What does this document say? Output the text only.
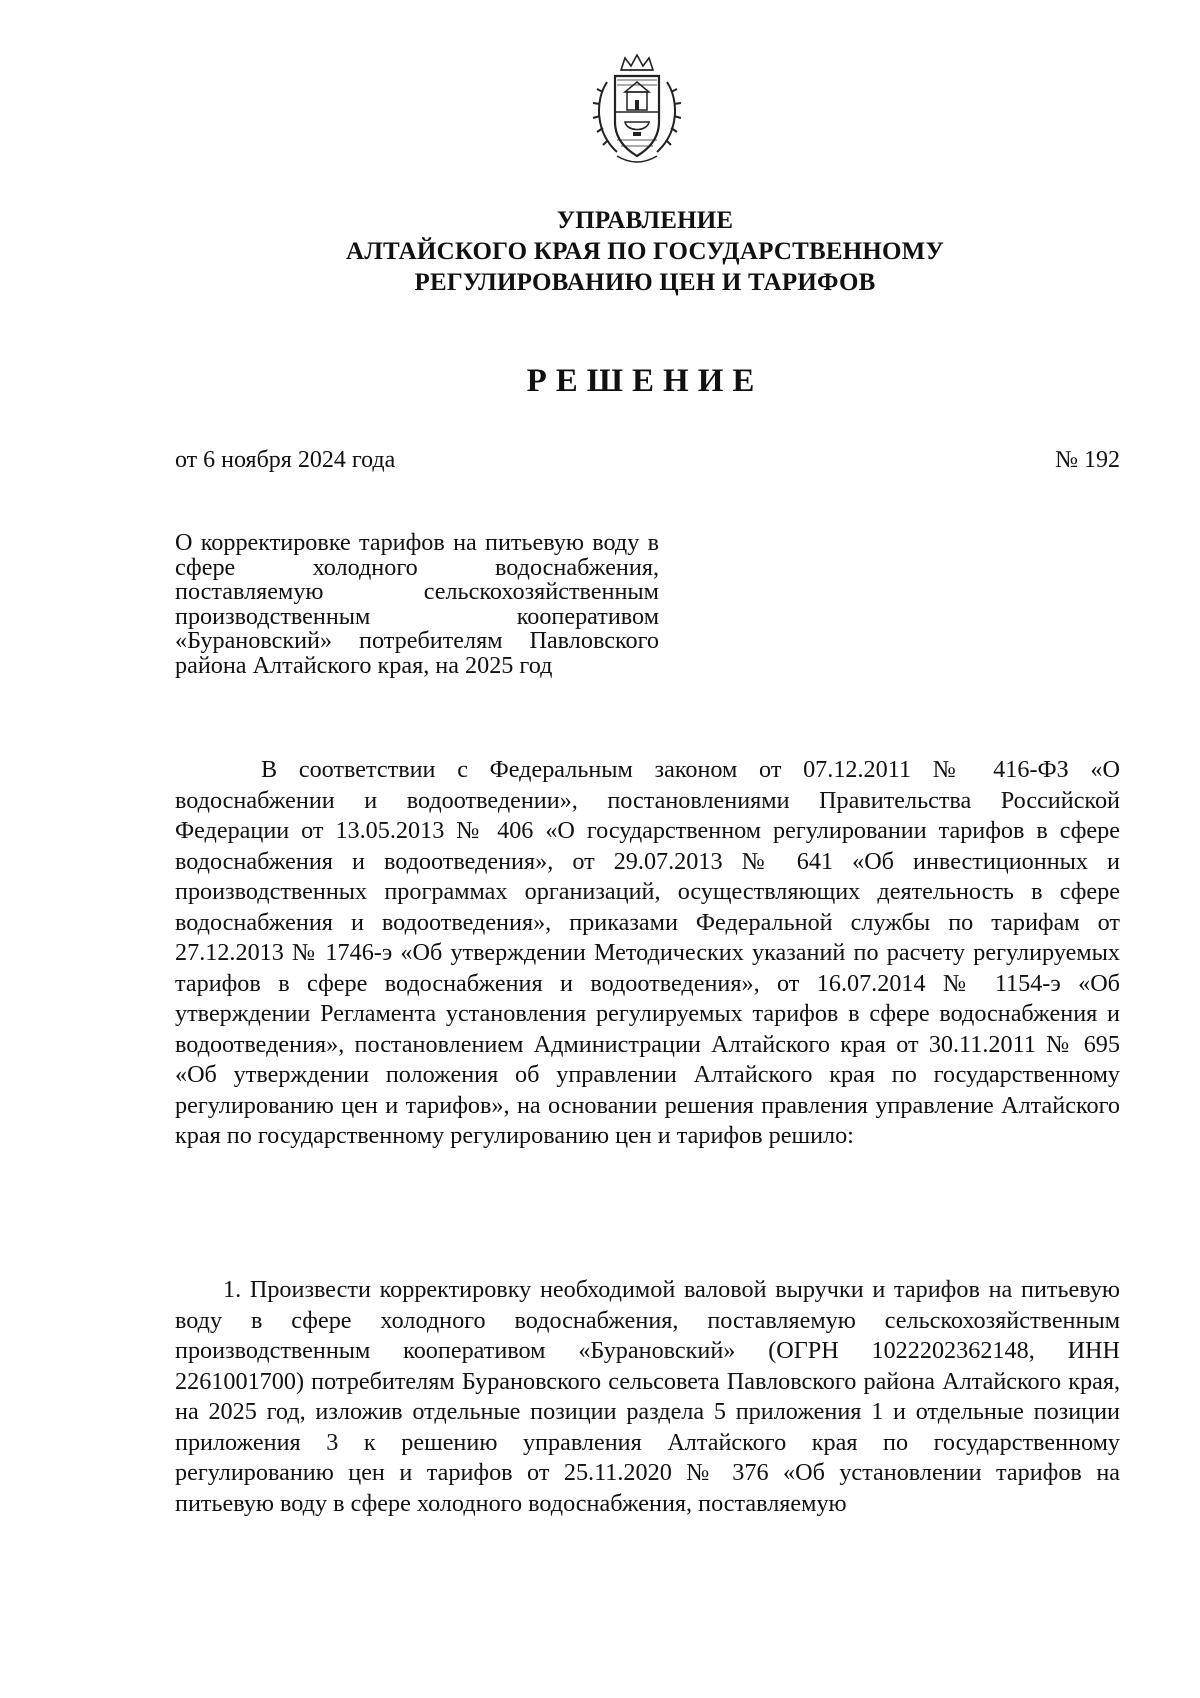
УПРАВЛЕНИЕ
АЛТАЙСКОГО КРАЯ ПО ГОСУДАРСТВЕННОМУ
РЕГУЛИРОВАНИЮ ЦЕН И ТАРИФОВ
РЕШЕНИЕ
от 6 ноября 2024 года	№ 192
О корректировке тарифов на питьевую воду в сфере холодного водоснабжения, поставляемую сельскохозяйственным производственным кооперативом «Бурановский» потребителям Павловского района Алтайского края, на 2025 год
В соответствии с Федеральным законом от 07.12.2011 № 416-ФЗ «О водоснабжении и водоотведении», постановлениями Правительства Российской Федерации от 13.05.2013 № 406 «О государственном регулировании тарифов в сфере водоснабжения и водоотведения», от 29.07.2013 № 641 «Об инвестиционных и производственных программах организаций, осуществляющих деятельность в сфере водоснабжения и водоотведения», приказами Федеральной службы по тарифам от 27.12.2013 № 1746-э «Об утверждении Методических указаний по расчету регулируемых тарифов в сфере водоснабжения и водоотведения», от 16.07.2014 № 1154-э «Об утверждении Регламента установления регулируемых тарифов в сфере водоснабжения и водоотведения», постановлением Администрации Алтайского края от 30.11.2011 № 695 «Об утверждении положения об управлении Алтайского края по государственному регулированию цен и тарифов», на основании решения правления управление Алтайского края по государственному регулированию цен и тарифов решило:
1. Произвести корректировку необходимой валовой выручки и тарифов на питьевую воду в сфере холодного водоснабжения, поставляемую сельскохозяйственным производственным кооперативом «Бурановский» (ОГРН 1022202362148, ИНН 2261001700) потребителям Бурановского сельсовета Павловского района Алтайского края, на 2025 год, изложив отдельные позиции раздела 5 приложения 1 и отдельные позиции приложения 3 к решению управления Алтайского края по государственному регулированию цен и тарифов от 25.11.2020 № 376 «Об установлении тарифов на питьевую воду в сфере холодного водоснабжения, поставляемую
